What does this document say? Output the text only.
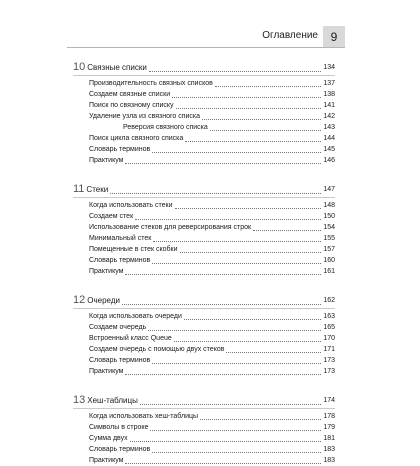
Оглавление	9
10 Связные списки	134
Производительность связных списков	137
Создаем связные списки	138
Поиск по связному списку	141
Удаление узла из связного списка	142
Реверсия связного списка	143
Поиск цикла связного списка	144
Словарь терминов	145
Практикум	146
11 Стеки	147
Когда использовать стеки	148
Создаем стек	150
Использование стеков для реверсирования строк	154
Минимальный стек	155
Помещенные в стек скобки	157
Словарь терминов	160
Практикум	161
12 Очереди	162
Когда использовать очереди	163
Создаем очередь	165
Встроенный класс Queue	170
Создаем очередь с помощью двух стеков	171
Словарь терминов	173
Практикум	173
13 Хеш-таблицы	174
Когда использовать хеш-таблицы	178
Символы в строке	179
Сумма двух	181
Словарь терминов	183
Практикум	183
